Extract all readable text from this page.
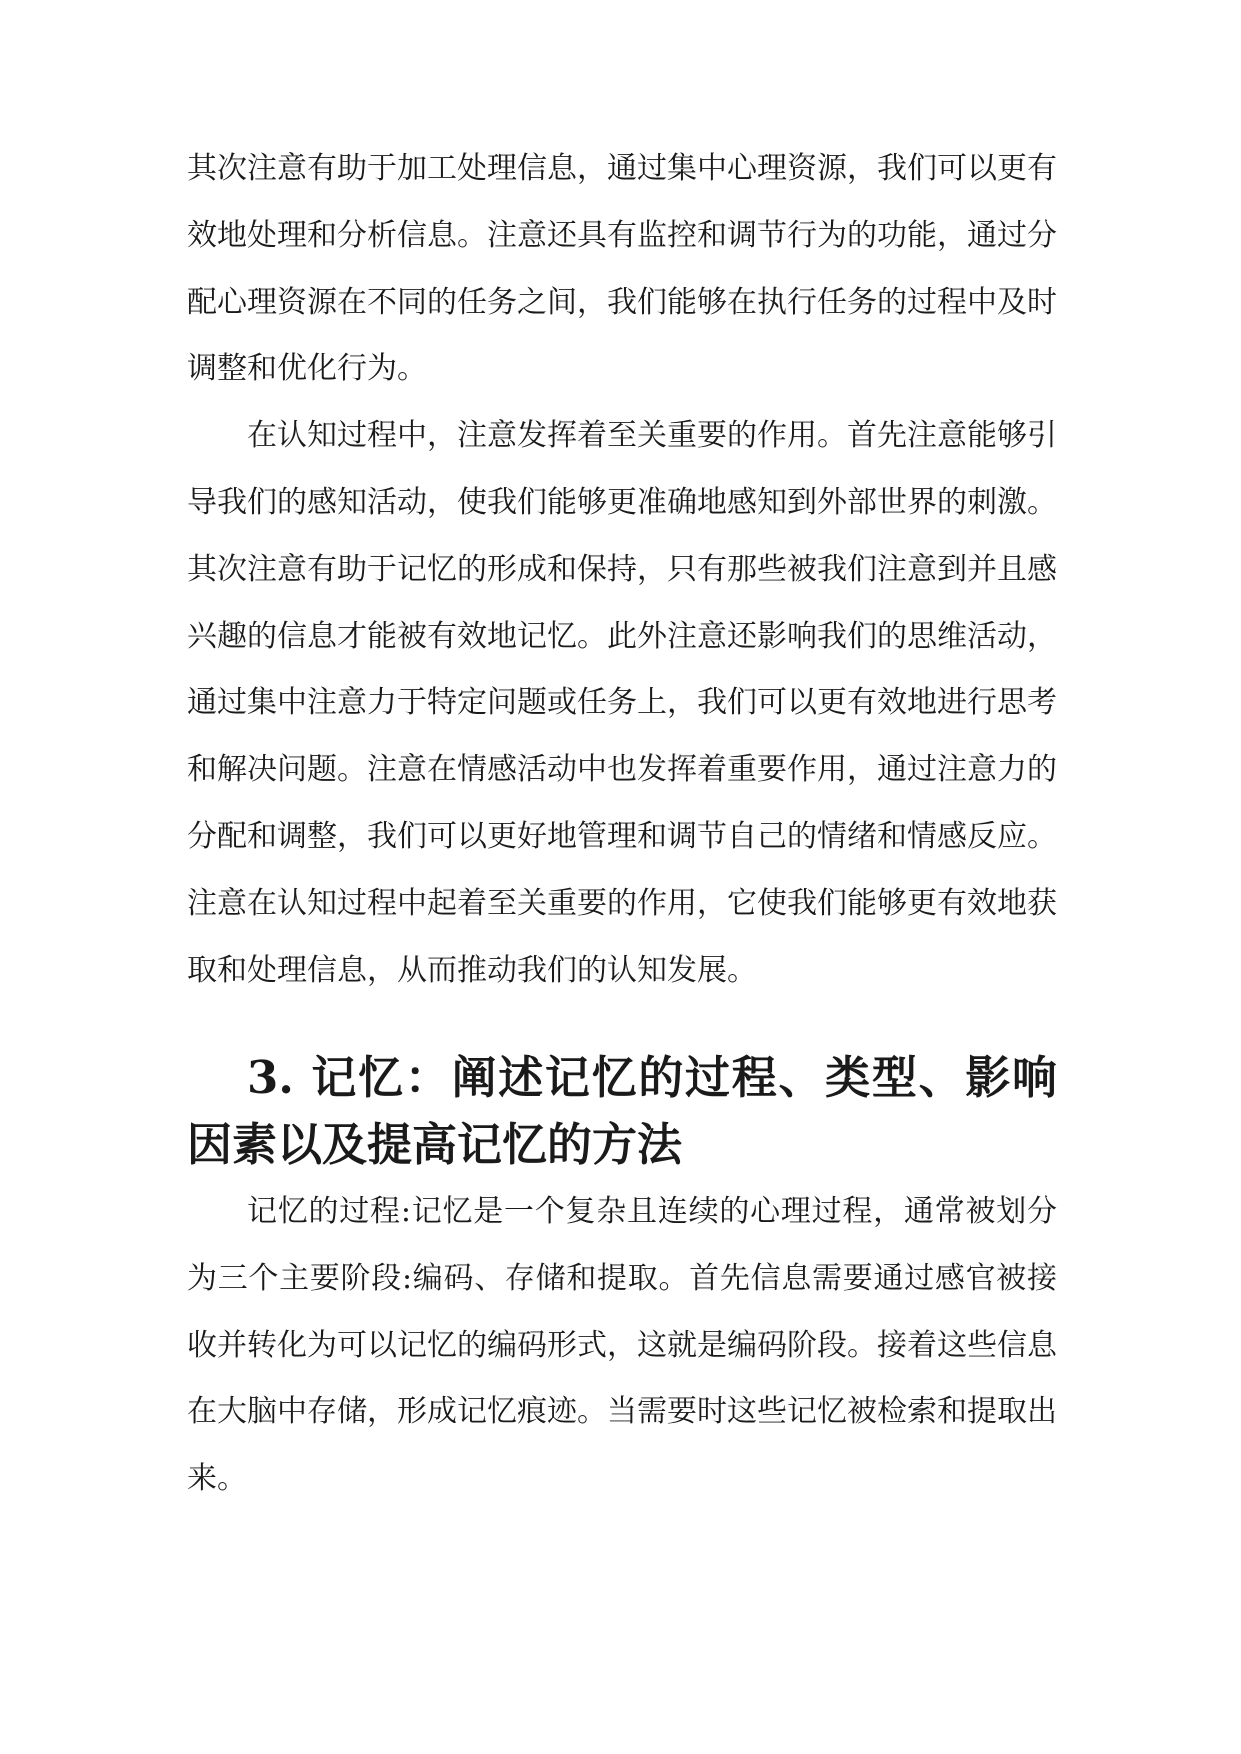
其次注意有助于加工处理信息，通过集中心理资源，我们可以更有效地处理和分析信息。注意还具有监控和调节行为的功能，通过分配心理资源在不同的任务之间，我们能够在执行任务的过程中及时调整和优化行为。

在认知过程中，注意发挥着至关重要的作用。首先注意能够引导我们的感知活动，使我们能够更准确地感知到外部世界的刺激。其次注意有助于记忆的形成和保持，只有那些被我们注意到并且感兴趣的信息才能被有效地记忆。此外注意还影响我们的思维活动，通过集中注意力于特定问题或任务上，我们可以更有效地进行思考和解决问题。注意在情感活动中也发挥着重要作用，通过注意力的分配和调整，我们可以更好地管理和调节自己的情绪和情感反应。注意在认知过程中起着至关重要的作用，它使我们能够更有效地获取和处理信息，从而推动我们的认知发展。

3. 记忆：阐述记忆的过程、类型、影响因素以及提高记忆的方法

记忆的过程:记忆是一个复杂且连续的心理过程，通常被划分为三个主要阶段:编码、存储和提取。首先信息需要通过感官被接收并转化为可以记忆的编码形式，这就是编码阶段。接着这些信息在大脑中存储，形成记忆痕迹。当需要时这些记忆被检索和提取出来。
